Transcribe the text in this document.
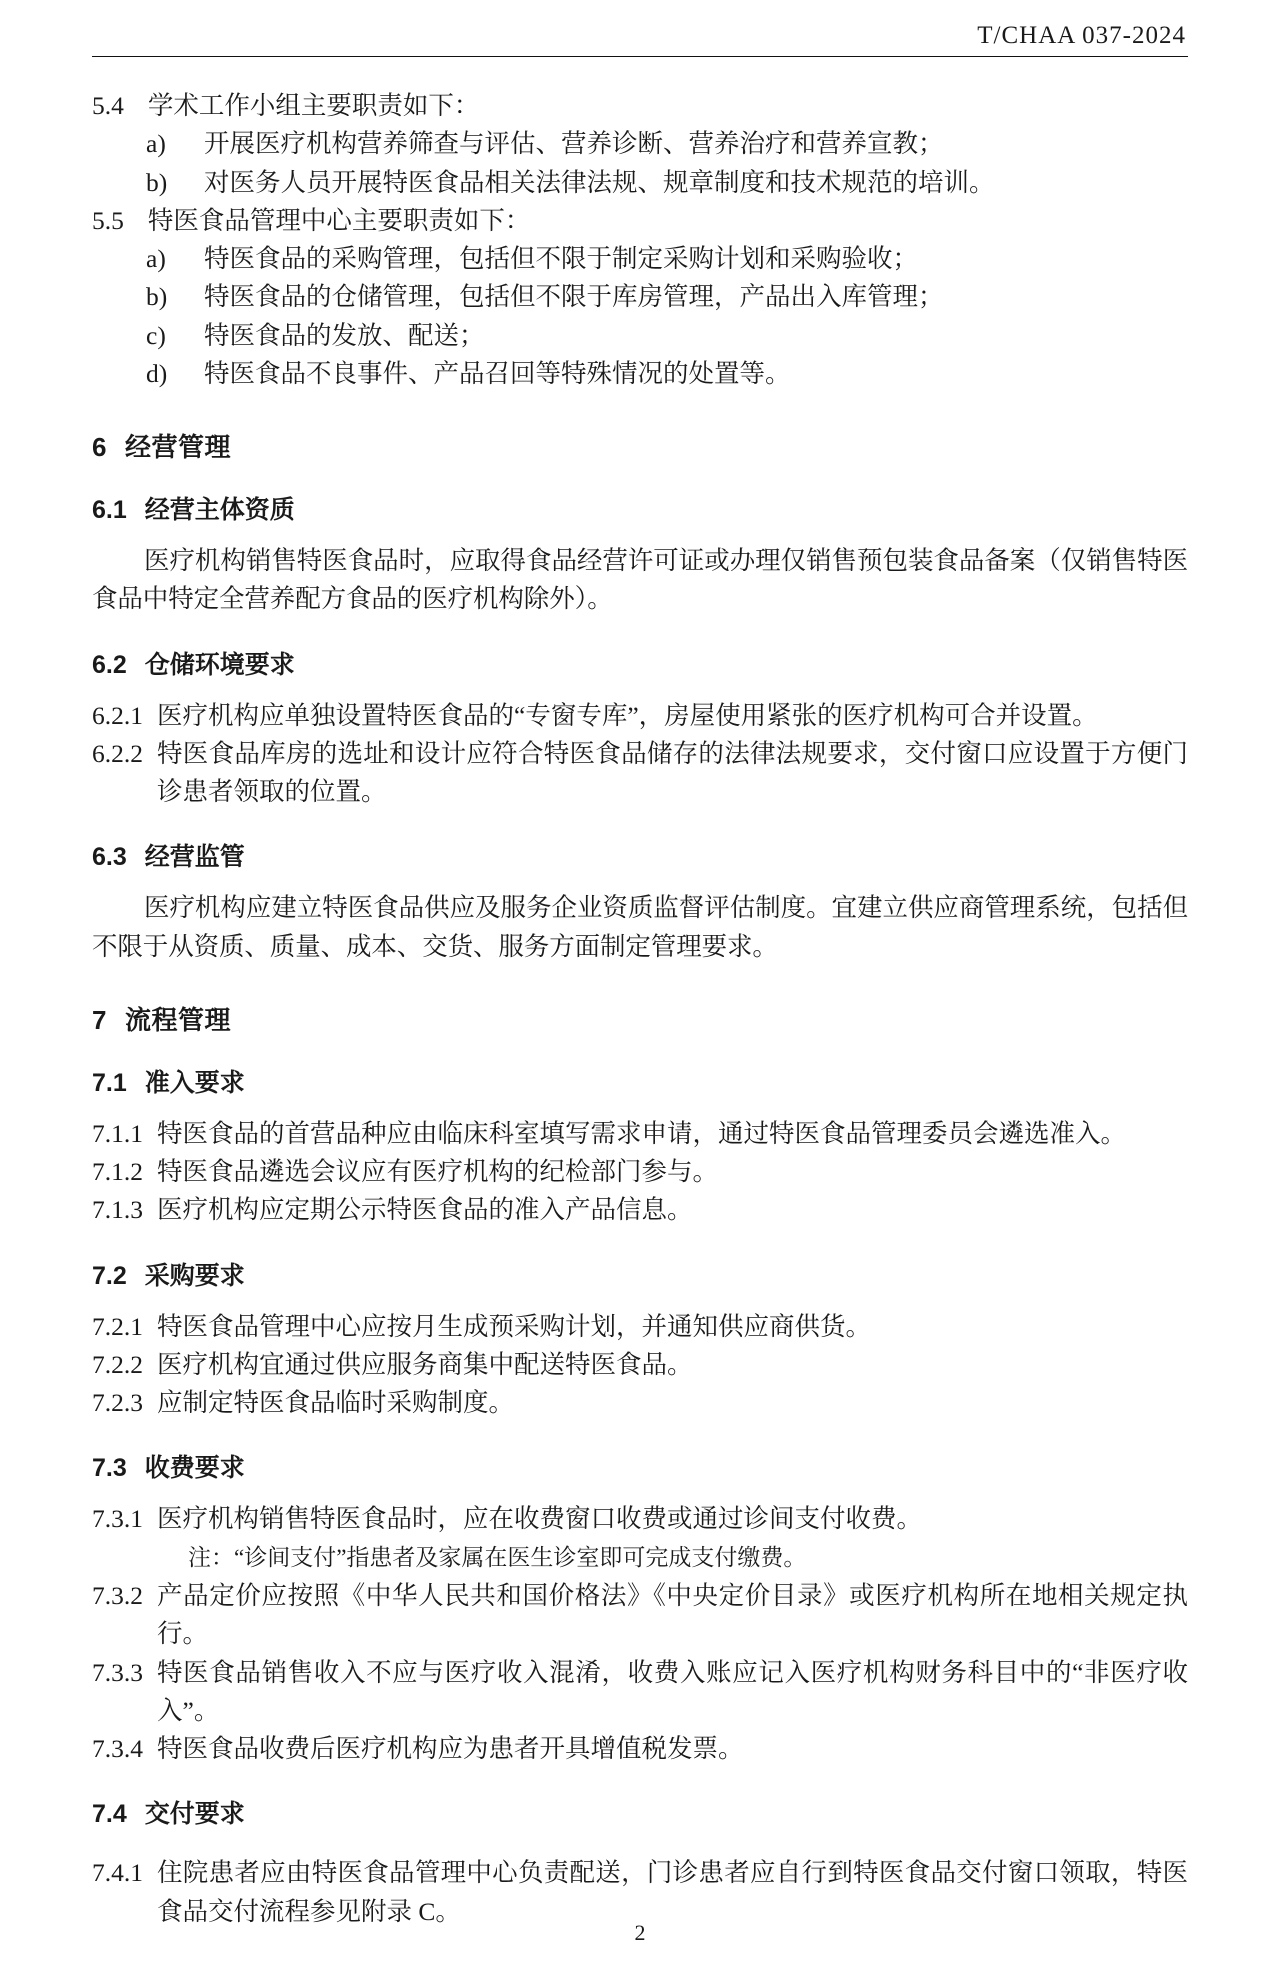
T/CHAA 037-2024
5.4 学术工作小组主要职责如下：
a)	开展医疗机构营养筛查与评估、营养诊断、营养治疗和营养宣教；
b)	对医务人员开展特医食品相关法律法规、规章制度和技术规范的培训。
5.5 特医食品管理中心主要职责如下：
a)	特医食品的采购管理，包括但不限于制定采购计划和采购验收；
b)	特医食品的仓储管理，包括但不限于库房管理，产品出入库管理；
c)	特医食品的发放、配送；
d)	特医食品不良事件、产品召回等特殊情况的处置等。
6 经营管理
6.1 经营主体资质

医疗机构销售特医食品时，应取得食品经营许可证或办理仅销售预包装食品备案（仅销售特医食品中特定全营养配方食品的医疗机构除外）。

6.2 仓储环境要求
6.2.1 医疗机构应单独设置特医食品的“专窗专库”，房屋使用紧张的医疗机构可合并设置。
6.2.2 特医食品库房的选址和设计应符合特医食品储存的法律法规要求，交付窗口应设置于方便门诊患者领取的位置。
6.3 经营监管

医疗机构应建立特医食品供应及服务企业资质监督评估制度。宜建立供应商管理系统，包括但不限于从资质、质量、成本、交货、服务方面制定管理要求。

7 流程管理
7.1 准入要求
7.1.1 特医食品的首营品种应由临床科室填写需求申请，通过特医食品管理委员会遴选准入。
7.1.2 特医食品遴选会议应有医疗机构的纪检部门参与。
7.1.3 医疗机构应定期公示特医食品的准入产品信息。
7.2 采购要求
7.2.1 特医食品管理中心应按月生成预采购计划，并通知供应商供货。
7.2.2 医疗机构宜通过供应服务商集中配送特医食品。
7.2.3 应制定特医食品临时采购制度。
7.3 收费要求
7.3.1 医疗机构销售特医食品时，应在收费窗口收费或通过诊间支付收费。
注：“诊间支付”指患者及家属在医生诊室即可完成支付缴费。
7.3.2 产品定价应按照《中华人民共和国价格法》《中央定价目录》或医疗机构所在地相关规定执行。
7.3.3 特医食品销售收入不应与医疗收入混淆，收费入账应记入医疗机构财务科目中的“非医疗收入”。
7.3.4 特医食品收费后医疗机构应为患者开具增值税发票。
7.4 交付要求
7.4.1 住院患者应由特医食品管理中心负责配送，门诊患者应自行到特医食品交付窗口领取，特医食品交付流程参见附录 C。
2
